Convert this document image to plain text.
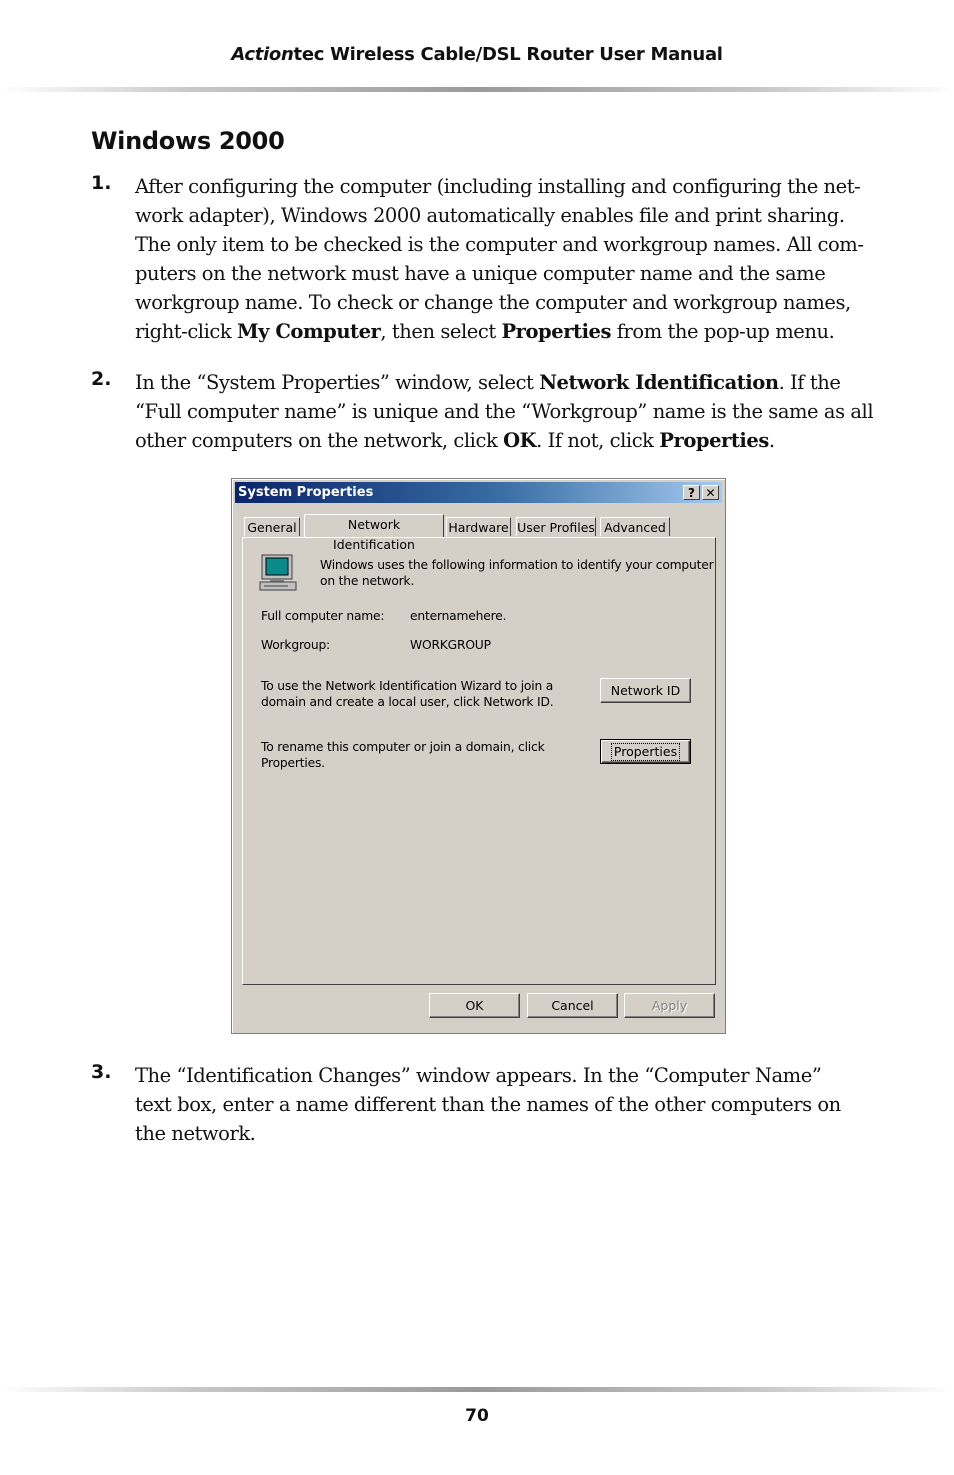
Actiontec Wireless Cable/DSL Router User Manual
Windows 2000
1. After configuring the computer (including installing and configuring the net-work adapter), Windows 2000 automatically enables file and print sharing. The only item to be checked is the computer and workgroup names. All com-puters on the network must have a unique computer name and the same workgroup name. To check or change the computer and workgroup names, right-click My Computer, then select Properties from the pop-up menu.
2. In the “System Properties” window, select Network Identification. If the “Full computer name” is unique and the “Workgroup” name is the same as all other computers on the network, click OK. If not, click Properties.
System Properties	? ✕
General	Network Identification
Hardware User Profiles Advanced
Windows uses the following information to identify your computer
on the network.
Full computer name: enternamehere.
Workgroup:	WORKGROUP
To use the Network Identification Wizard to join a
domain and create a local user, click Network ID.
Network ID
To rename this computer or join a domain, click
Properties.
Properties
OK	Cancel	Apply
3. The “Identification Changes” window appears. In the “Computer Name” text box, enter a name different than the names of the other computers on the network.
70
